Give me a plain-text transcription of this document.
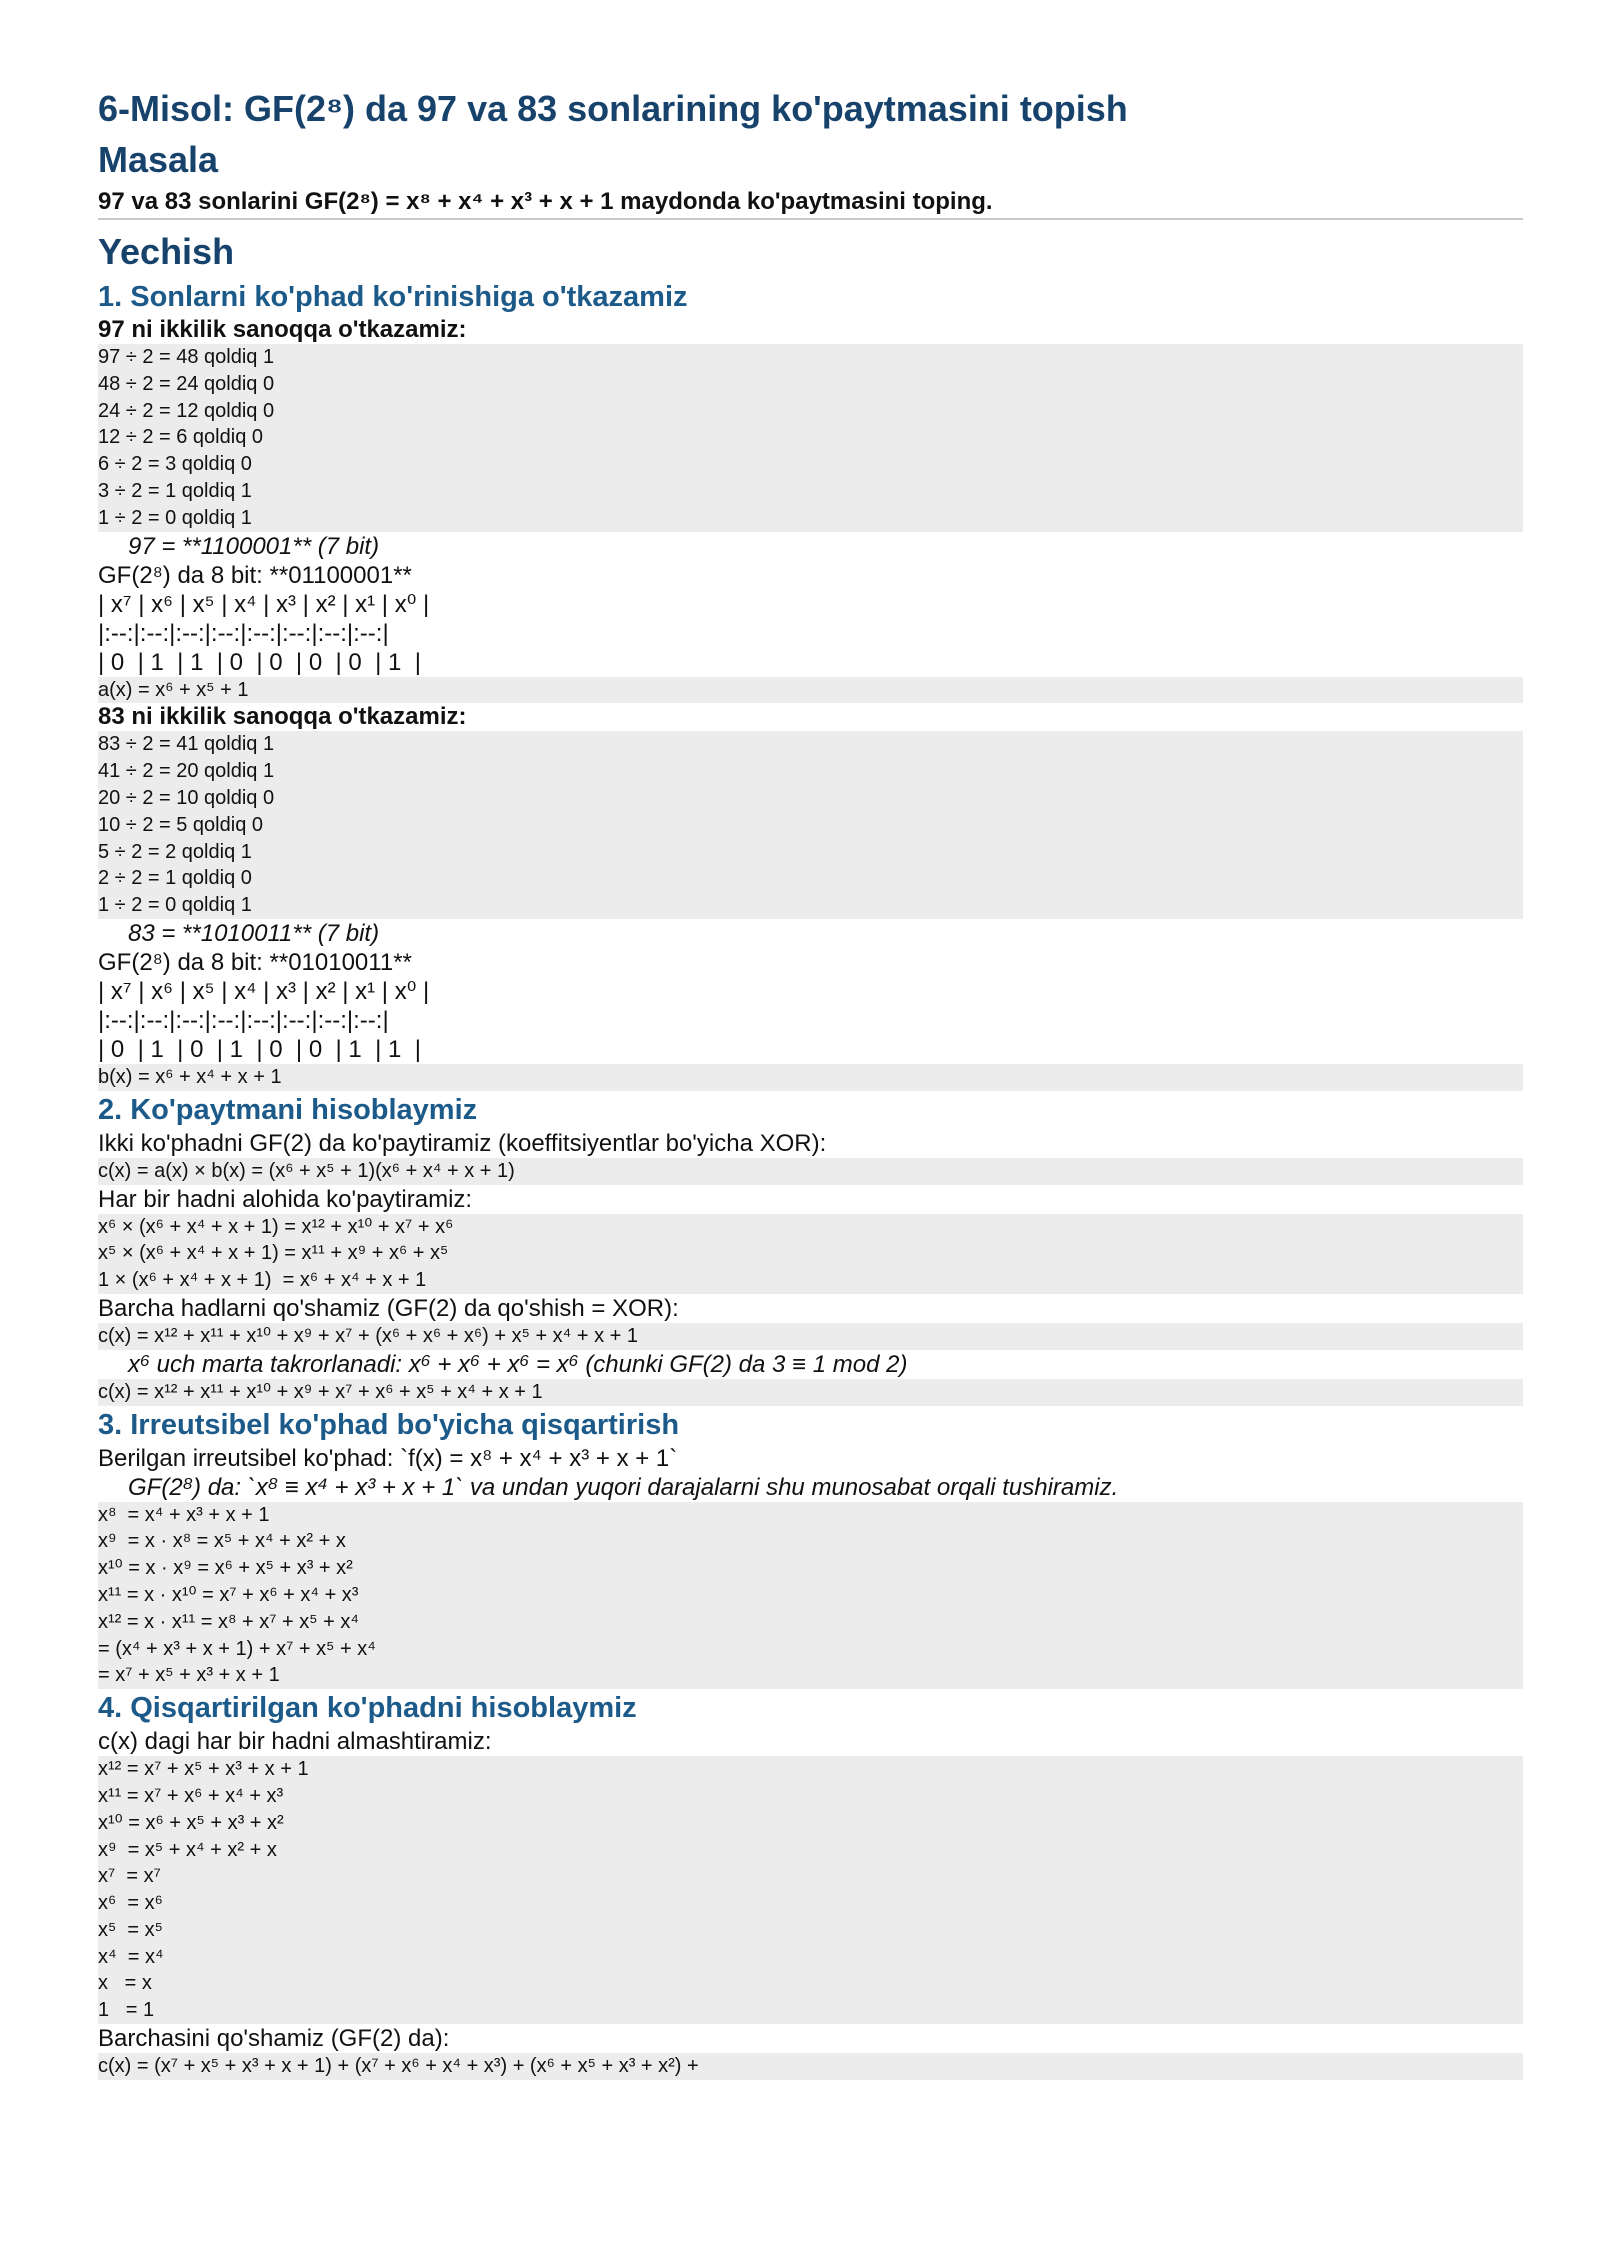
6-Misol: GF(2⁸) da 97 va 83 sonlarining ko'paytmasini topish
Masala
97 va 83 sonlarini GF(2⁸) = x⁸ + x⁴ + x³ + x + 1 maydonda ko'paytmasini toping.
Yechish
1. Sonlarni ko'phad ko'rinishiga o'tkazamiz
97 ni ikkilik sanoqqa o'tkazamiz:
97 ÷ 2 = 48 qoldiq 1
48 ÷ 2 = 24 qoldiq 0
24 ÷ 2 = 12 qoldiq 0
12 ÷ 2 = 6 qoldiq 0
6 ÷ 2 = 3 qoldiq 0
3 ÷ 2 = 1 qoldiq 1
1 ÷ 2 = 0 qoldiq 1
97 = **1100001** (7 bit)
GF(2⁸) da 8 bit: **01100001**
| x⁷ | x⁶ | x⁵ | x⁴ | x³ | x² | x¹ | x⁰ |
|:--:|:--:|:--:|:--:|:--:|:--:|:--:|:--:|
| 0  | 1  | 1  | 0  | 0  | 0  | 0  | 1  |
a(x) = x⁶ + x⁵ + 1
83 ni ikkilik sanoqqa o'tkazamiz:
83 ÷ 2 = 41 qoldiq 1
41 ÷ 2 = 20 qoldiq 1
20 ÷ 2 = 10 qoldiq 0
10 ÷ 2 = 5 qoldiq 0
5 ÷ 2 = 2 qoldiq 1
2 ÷ 2 = 1 qoldiq 0
1 ÷ 2 = 0 qoldiq 1
83 = **1010011** (7 bit)
GF(2⁸) da 8 bit: **01010011**
| x⁷ | x⁶ | x⁵ | x⁴ | x³ | x² | x¹ | x⁰ |
|:--:|:--:|:--:|:--:|:--:|:--:|:--:|:--:|
| 0  | 1  | 0  | 1  | 0  | 0  | 1  | 1  |
b(x) = x⁶ + x⁴ + x + 1
2. Ko'paytmani hisoblaymiz
Ikki ko'phadni GF(2) da ko'paytiramiz (koeffitsiyentlar bo'yicha XOR):
c(x) = a(x) × b(x) = (x⁶ + x⁵ + 1)(x⁶ + x⁴ + x + 1)
Har bir hadni alohida ko'paytiramiz:
x⁶ × (x⁶ + x⁴ + x + 1) = x¹² + x¹⁰ + x⁷ + x⁶
x⁵ × (x⁶ + x⁴ + x + 1) = x¹¹ + x⁹ + x⁶ + x⁵
1 × (x⁶ + x⁴ + x + 1)  = x⁶ + x⁴ + x + 1
Barcha hadlarni qo'shamiz (GF(2) da qo'shish = XOR):
c(x) = x¹² + x¹¹ + x¹⁰ + x⁹ + x⁷ + (x⁶ + x⁶ + x⁶) + x⁵ + x⁴ + x + 1
x⁶ uch marta takrorlanadi: x⁶ + x⁶ + x⁶ = x⁶ (chunki GF(2) da 3 ≡ 1 mod 2)
c(x) = x¹² + x¹¹ + x¹⁰ + x⁹ + x⁷ + x⁶ + x⁵ + x⁴ + x + 1
3. Irreutsibel ko'phad bo'yicha qisqartirish
Berilgan irreutsibel ko'phad: `f(x) = x⁸ + x⁴ + x³ + x + 1`
GF(2⁸) da: `x⁸ ≡ x⁴ + x³ + x + 1` va undan yuqori darajalarni shu munosabat orqali tushiramiz.
x⁸  = x⁴ + x³ + x + 1
x⁹  = x · x⁸ = x⁵ + x⁴ + x² + x
x¹⁰ = x · x⁹ = x⁶ + x⁵ + x³ + x²
x¹¹ = x · x¹⁰ = x⁷ + x⁶ + x⁴ + x³
x¹² = x · x¹¹ = x⁸ + x⁷ + x⁵ + x⁴
= (x⁴ + x³ + x + 1) + x⁷ + x⁵ + x⁴
= x⁷ + x⁵ + x³ + x + 1
4. Qisqartirilgan ko'phadni hisoblaymiz
c(x) dagi har bir hadni almashtiramiz:
x¹² = x⁷ + x⁵ + x³ + x + 1
x¹¹ = x⁷ + x⁶ + x⁴ + x³
x¹⁰ = x⁶ + x⁵ + x³ + x²
x⁹  = x⁵ + x⁴ + x² + x
x⁷  = x⁷
x⁶  = x⁶
x⁵  = x⁵
x⁴  = x⁴
x   = x
1   = 1
Barchasini qo'shamiz (GF(2) da):
c(x) = (x⁷ + x⁵ + x³ + x + 1) + (x⁷ + x⁶ + x⁴ + x³) + (x⁶ + x⁵ + x³ + x²) +
